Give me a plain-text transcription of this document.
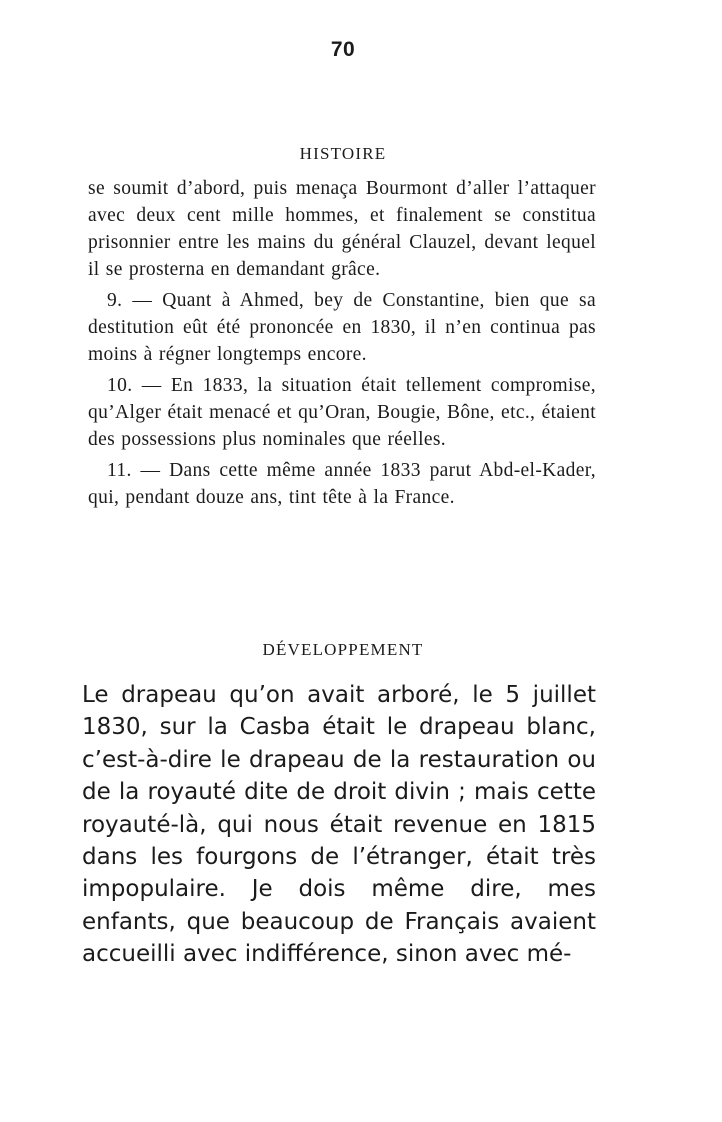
70
HISTOIRE

se soumit d’abord, puis menaça Bourmont d’aller l’attaquer avec deux cent mille hommes, et finalement se constitua prisonnier entre les mains du général Clauzel, devant lequel il se prosterna en demandant grâce.

9. — Quant à Ahmed, bey de Constantine, bien que sa destitution eût été prononcée en 1830, il n’en continua pas moins à régner longtemps encore.

10. — En 1833, la situation était tellement compromise, qu’Alger était menacé et qu’Oran, Bougie, Bône, etc., étaient des possessions plus nominales que réelles.

11. — Dans cette même année 1833 parut Abd-el-Kader, qui, pendant douze ans, tint tête à la France.

DÉVELOPPEMENT

Le drapeau qu’on avait arboré, le 5 juillet 1830, sur la Casba était le drapeau blanc, c’est-à-dire le drapeau de la restauration ou de la royauté dite de droit divin ; mais cette royauté-là, qui nous était revenue en 1815 dans les fourgons de l’étranger, était très impopulaire. Je dois même dire, mes enfants, que beaucoup de Français avaient accueilli avec indifférence, sinon avec mé-
